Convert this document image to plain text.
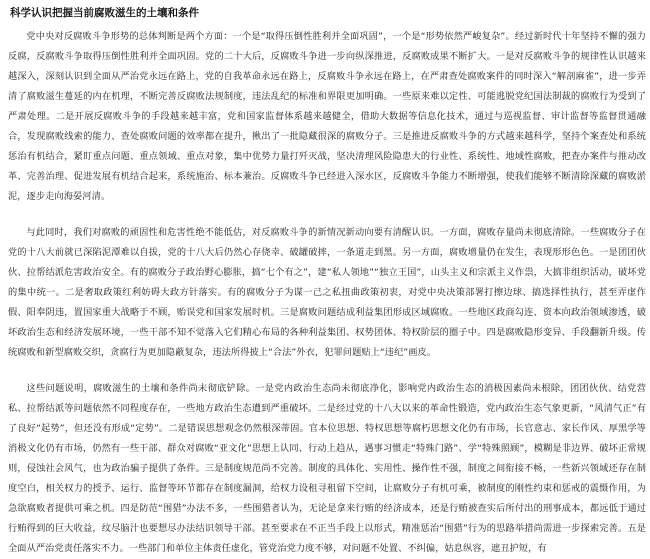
科学认识把握当前腐败滋生的土壤和条件

党中央对反腐败斗争形势的总体判断是两个方面：一个是“取得压倒性胜利并全面巩固”，一个是“形势依然严峻复杂”。经过新时代十年坚持不懈的强力反腐，反腐败斗争取得压倒性胜利并全面巩固。党的二十大后，反腐败斗争进一步向纵深推进，反腐败成果不断扩大。一是对反腐败斗争的规律性认识越来越深入，深刻认识到全面从严治党永远在路上，党的自我革命永远在路上，反腐败斗争永远在路上，在严肃查处腐败案件的同时深入“解剖麻雀”，进一步弄清了腐败滋生蔓延的内在机理，不断完善反腐败法规制度，违法乱纪的标准和界限更加明确。一些原来难以定性、可能逃脱党纪国法制裁的腐败行为受到了严肃处理。二是开展反腐败斗争的手段越来越丰富，党和国家监督体系越来越健全，借助大数据等信息化技术，通过与巡视监督、审计监督等监督贯通融合，发现腐败线索的能力、查处腐败问题的效率都在提升，揪出了一批隐藏很深的腐败分子。三是推进反腐败斗争的方式越来越科学，坚持个案查处和系统惩治有机结合，紧盯重点问题、重点领域、重点对象，集中优势力量打歼灭战，坚决清理风险隐患大的行业性、系统性、地域性腐败，把查办案件与推动改革、完善治理、促进发展有机结合起来，系统施治、标本兼治。反腐败斗争已经进入深水区，反腐败斗争能力不断增强，使我们能够不断清除深藏的腐败淤泥，逐步走向海晏河清。

与此同时，我们对腐败的顽固性和危害性绝不能低估，对反腐败斗争的新情况新动向要有清醒认识。一方面，腐败存量尚未彻底清除。一些腐败分子在党的十八大前就已深陷泥潭难以自拔，党的十八大后仍然心存侥幸、破罐破摔，一条道走到黑。另一方面，腐败增量仍在发生，表现形形色色。一是团团伙伙、拉帮结派危害政治安全。有的腐败分子政治野心膨胀，搞“七个有之”，建“私人领地”“独立王国”，山头主义和宗派主义作祟，大搞非组织活动，破坏党的集中统一。二是奢取政策红利妨碍大政方针落实。有的腐败分子为谋一己之私扭曲政策初衷，对党中央决策部署打擦边球、搞选择性执行，甚至弄虚作假、阳奉阴违，置国家重大战略于不顾，贻误党和国家发展时机。三是腐败问题结成利益集团形成区域腐败。一些地区政商勾连、资本向政治领域渗透，破坏政治生态和经济发展环境，一些干部不知不觉落入它们精心布局的各种利益集团、权势团体、特权阶层的圈子中。四是腐败隐形变异、手段翻新升级。传统腐败和新型腐败交织，贪腐行为更加隐蔽复杂，违法所得披上“合法”外衣，犯罪问题贴上“违纪”画皮。

这些问题说明，腐败滋生的土壤和条件尚未彻底铲除。一是党内政治生态尚未彻底净化，影响党内政治生态的消极因素尚未根除，团团伙伙、结党营私、拉帮结派等问题依然不同程度存在，一些地方政治生态遭到严重破坏。二是经过党的十八大以来的革命性锻造，党内政治生态气象更新，“风清气正”有了良好“起势”，但还没有形成“定势”。二是错误思想观念仍然根深蒂固。官本位思想、特权思想等腐朽思想文化仍有市场，长官意志、家长作风、厚黑学等消极文化仍有市场，仍然有一些干部、群众对腐败“亚文化”思想上认同、行动上趋从，遇事习惯走“特殊门路”、学“特殊照顾”，模糊是非边界、破坏正常规则，侵蚀社会风气，也为政治骗子提供了条件。三是制度规范尚不完善。制度的具体化、实用性、操作性不强，制度之间衔接不畅，一些新兴领域还存在制度空白，相关权力的授予、运行、监督等环节都存在制度漏洞，给权力设租寻租留下空间，让腐败分子有机可乘，被制度的刚性约束和惩戒的震慑作用，为急欲腐败者提供可乘之机。四是防范“围猎”办法不多，一些围猎者认为，无论是拿来行贿的经济成本，还是行贿被查实后所付出的刑事成本，都远低于通过行贿得到的巨大收益，纹尽脑汁也要想尽办法结识领导干部。甚至要求在不正当手段上以形式，精准惩治“围猎”行为的思路举措尚需进一步探索完善。五是全面从严治党责任落实不力。一些部门和单位主体责任虚化，管党治党力度不够，对问题不处置、不纠偏，姑息纵容，遮丑护短，有
